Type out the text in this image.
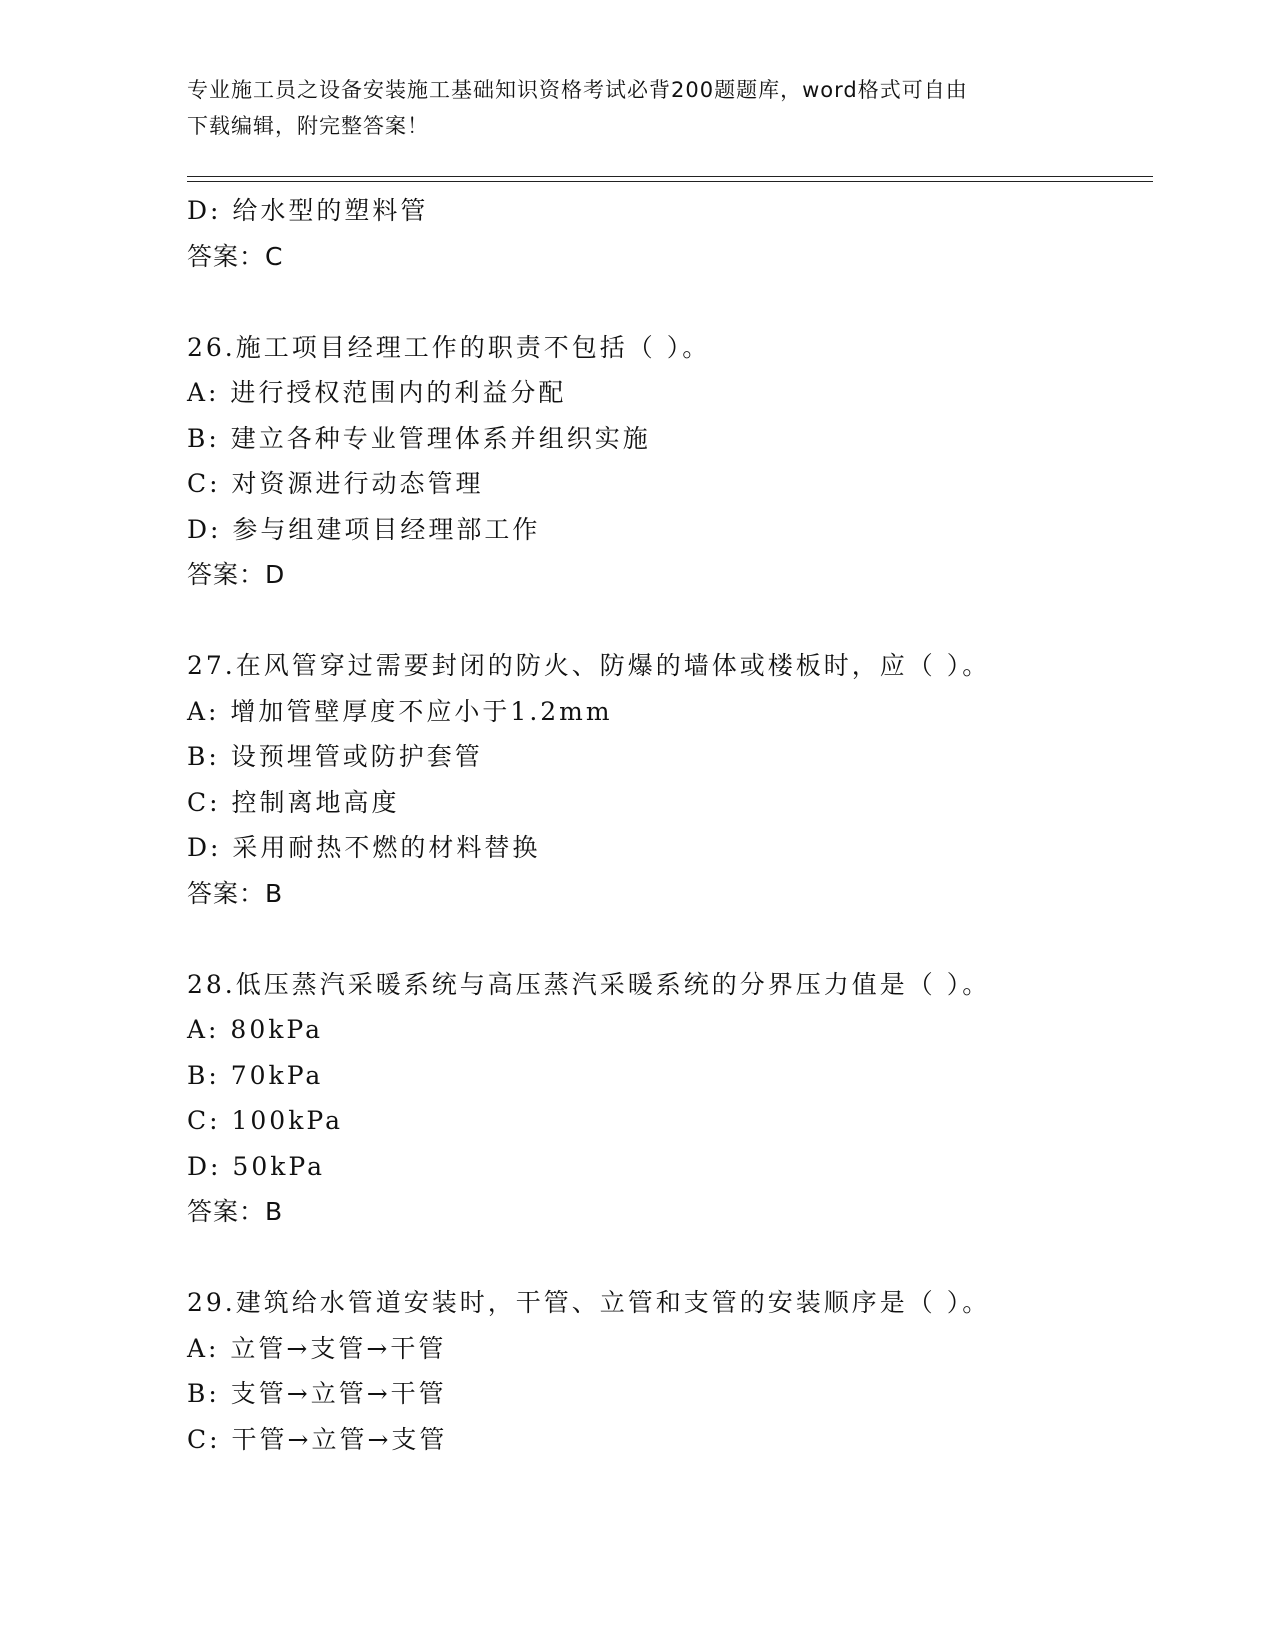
专业施工员之设备安装施工基础知识资格考试必背200题题库，word格式可自由
下载编辑，附完整答案！
D: 给水型的塑料管
答案：C
26.施工项目经理工作的职责不包括（ ）。
A: 进行授权范围内的利益分配
B: 建立各种专业管理体系并组织实施
C: 对资源进行动态管理
D: 参与组建项目经理部工作
答案：D
27.在风管穿过需要封闭的防火、防爆的墙体或楼板时，应（ ）。
A: 增加管壁厚度不应小于1.2mm
B: 设预埋管或防护套管
C: 控制离地高度
D: 采用耐热不燃的材料替换
答案：B
28.低压蒸汽采暖系统与高压蒸汽采暖系统的分界压力值是（ ）。
A: 80kPa
B: 70kPa
C: 100kPa
D: 50kPa
答案：B
29.建筑给水管道安装时，干管、立管和支管的安装顺序是（ ）。
A: 立管→支管→干管
B: 支管→立管→干管
C: 干管→立管→支管
